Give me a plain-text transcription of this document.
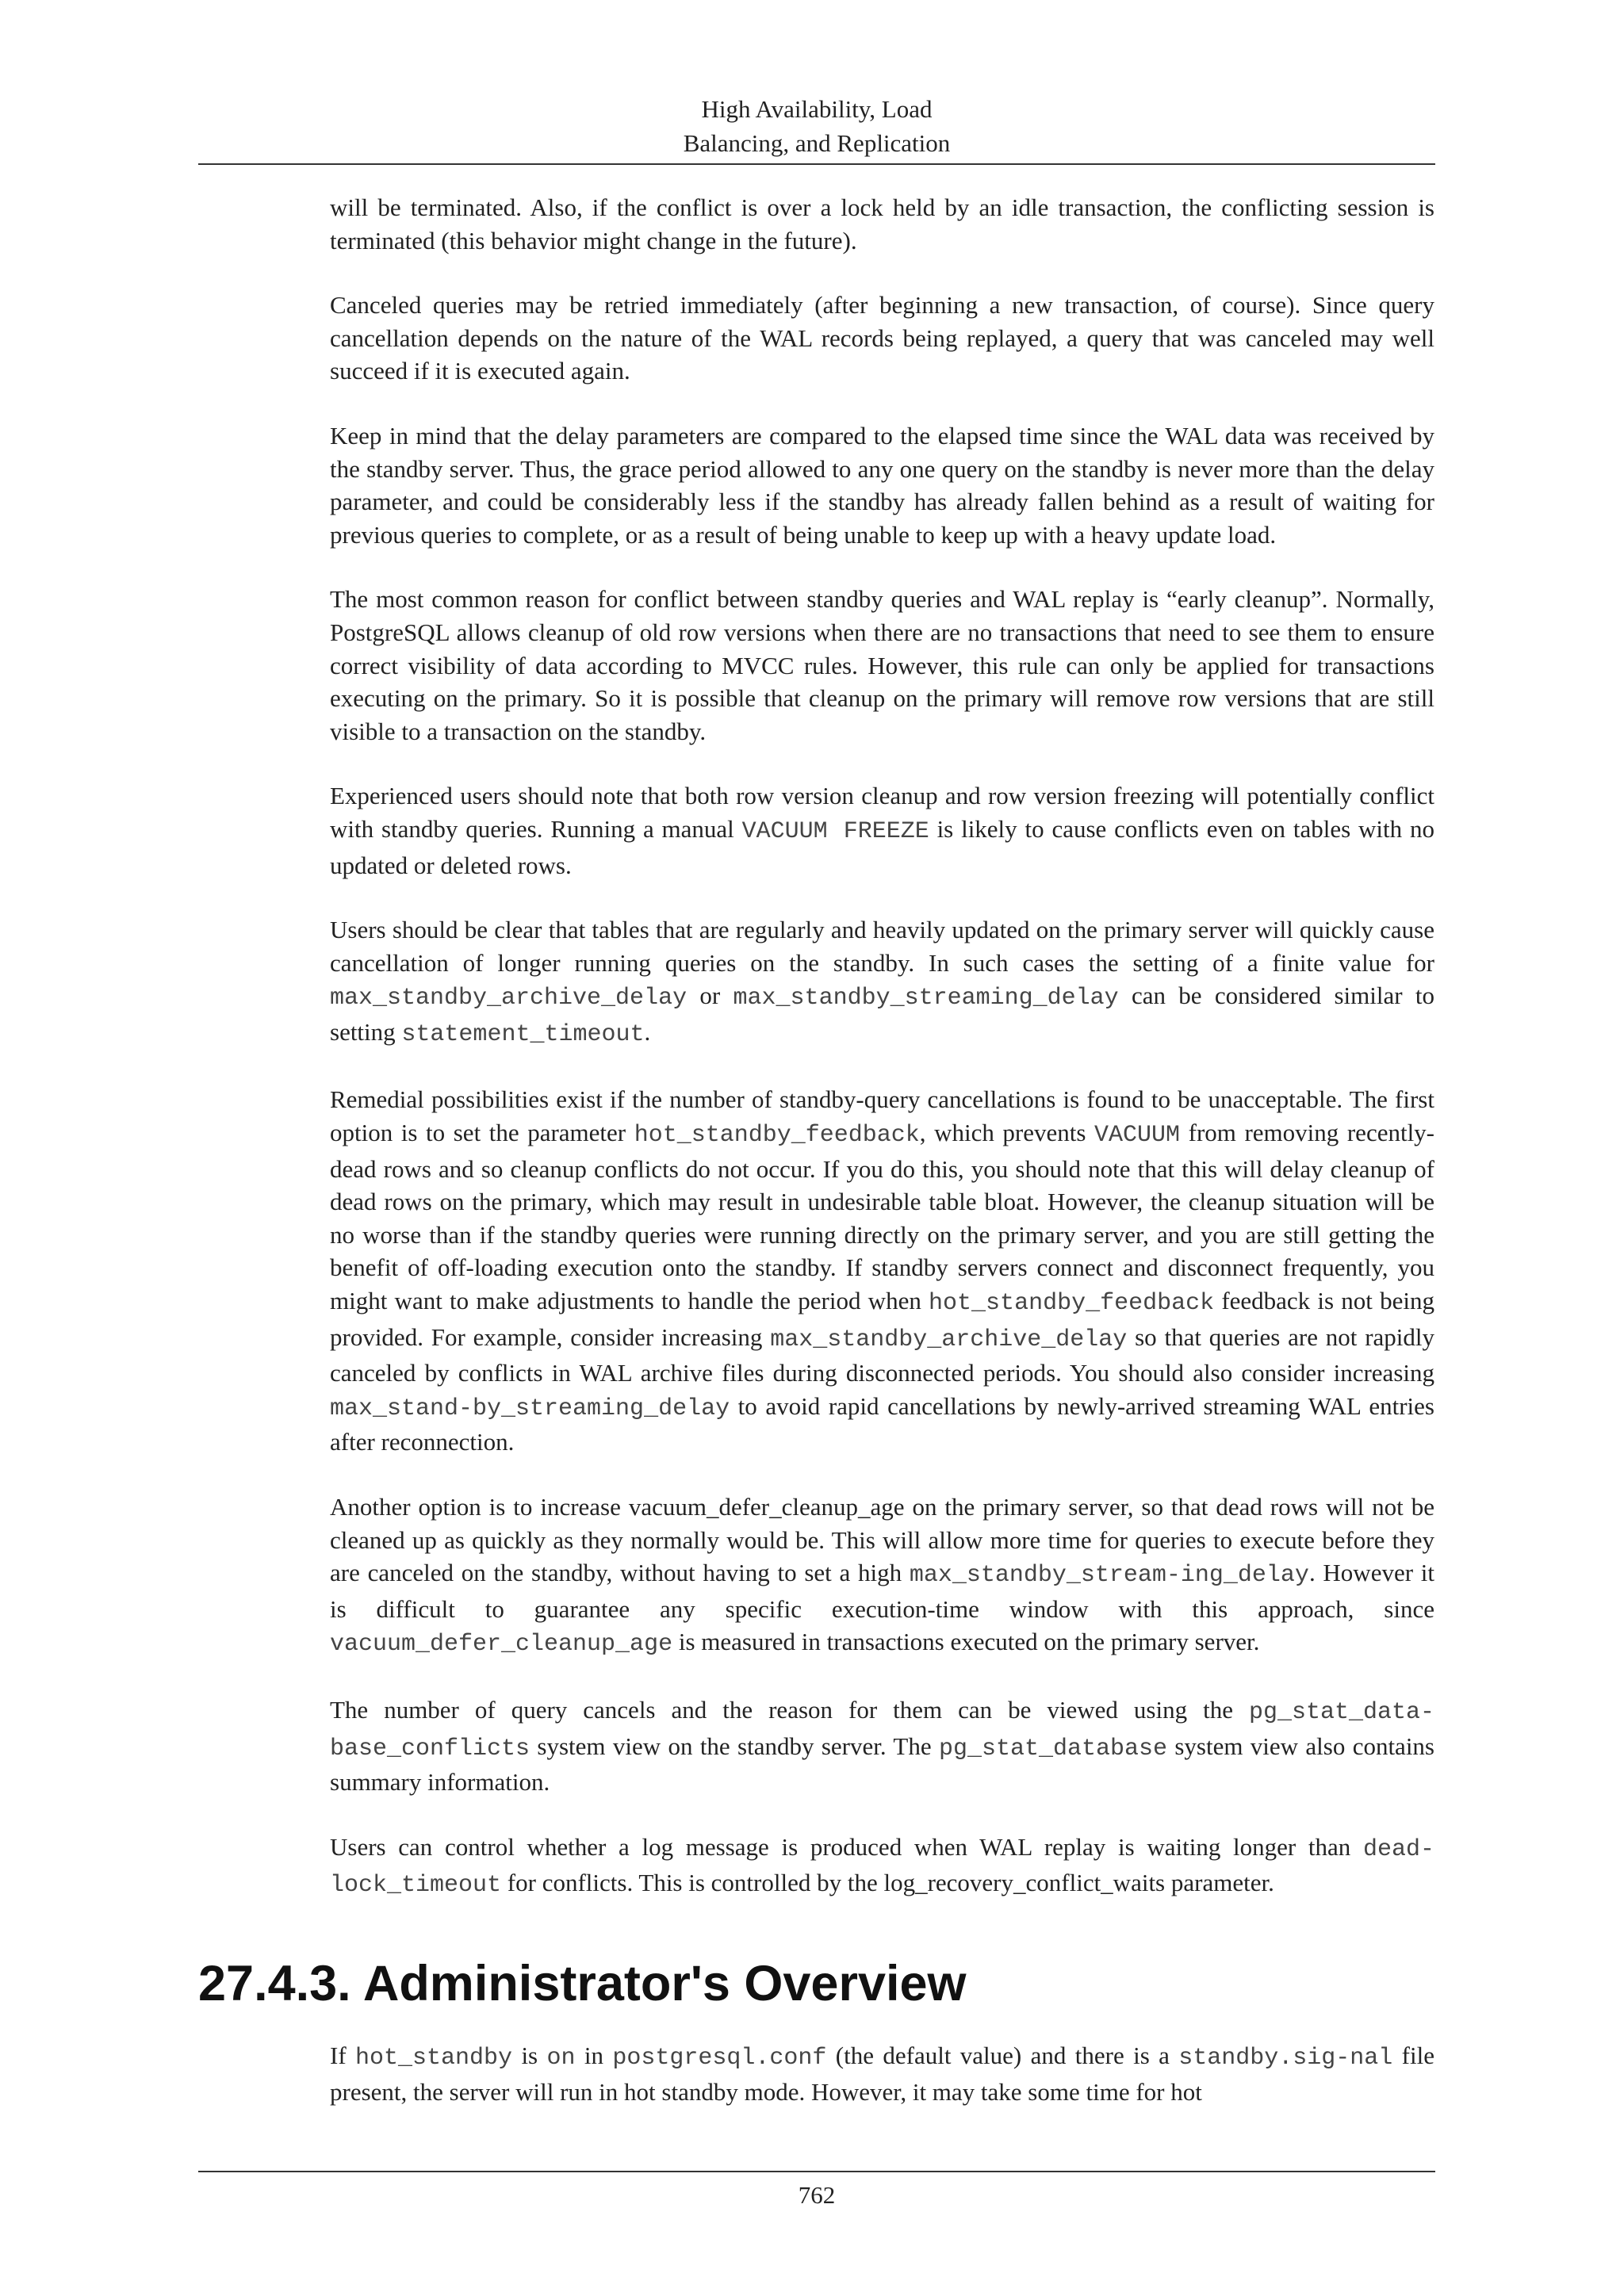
High Availability, Load
Balancing, and Replication

will be terminated. Also, if the conflict is over a lock held by an idle transaction, the conflicting session is terminated (this behavior might change in the future).

Canceled queries may be retried immediately (after beginning a new transaction, of course). Since query cancellation depends on the nature of the WAL records being replayed, a query that was canceled may well succeed if it is executed again.

Keep in mind that the delay parameters are compared to the elapsed time since the WAL data was received by the standby server. Thus, the grace period allowed to any one query on the standby is never more than the delay parameter, and could be considerably less if the standby has already fallen behind as a result of waiting for previous queries to complete, or as a result of being unable to keep up with a heavy update load.

The most common reason for conflict between standby queries and WAL replay is “early cleanup”. Normally, PostgreSQL allows cleanup of old row versions when there are no transactions that need to see them to ensure correct visibility of data according to MVCC rules. However, this rule can only be applied for transactions executing on the primary. So it is possible that cleanup on the primary will remove row versions that are still visible to a transaction on the standby.

Experienced users should note that both row version cleanup and row version freezing will potentially conflict with standby queries. Running a manual VACUUM FREEZE is likely to cause conflicts even on tables with no updated or deleted rows.

Users should be clear that tables that are regularly and heavily updated on the primary server will quickly cause cancellation of longer running queries on the standby. In such cases the setting of a finite value for max_standby_archive_delay or max_standby_streaming_delay can be considered similar to setting statement_timeout.

Remedial possibilities exist if the number of standby-query cancellations is found to be unacceptable. The first option is to set the parameter hot_standby_feedback, which prevents VACUUM from removing recently-dead rows and so cleanup conflicts do not occur. If you do this, you should note that this will delay cleanup of dead rows on the primary, which may result in undesirable table bloat. However, the cleanup situation will be no worse than if the standby queries were running directly on the primary server, and you are still getting the benefit of off-loading execution onto the standby. If standby servers connect and disconnect frequently, you might want to make adjustments to handle the period when hot_standby_feedback feedback is not being provided. For example, consider increasing max_standby_archive_delay so that queries are not rapidly canceled by conflicts in WAL archive files during disconnected periods. You should also consider increasing max_stand-by_streaming_delay to avoid rapid cancellations by newly-arrived streaming WAL entries after reconnection.

Another option is to increase vacuum_defer_cleanup_age on the primary server, so that dead rows will not be cleaned up as quickly as they normally would be. This will allow more time for queries to execute before they are canceled on the standby, without having to set a high max_standby_stream-ing_delay. However it is difficult to guarantee any specific execution-time window with this approach, since vacuum_defer_cleanup_age is measured in transactions executed on the primary server.

The number of query cancels and the reason for them can be viewed using the pg_stat_data-base_conflicts system view on the standby server. The pg_stat_database system view also contains summary information.

Users can control whether a log message is produced when WAL replay is waiting longer than dead-lock_timeout for conflicts. This is controlled by the log_recovery_conflict_waits parameter.

27.4.3. Administrator's Overview

If hot_standby is on in postgresql.conf (the default value) and there is a standby.sig-nal file present, the server will run in hot standby mode. However, it may take some time for hot

762
